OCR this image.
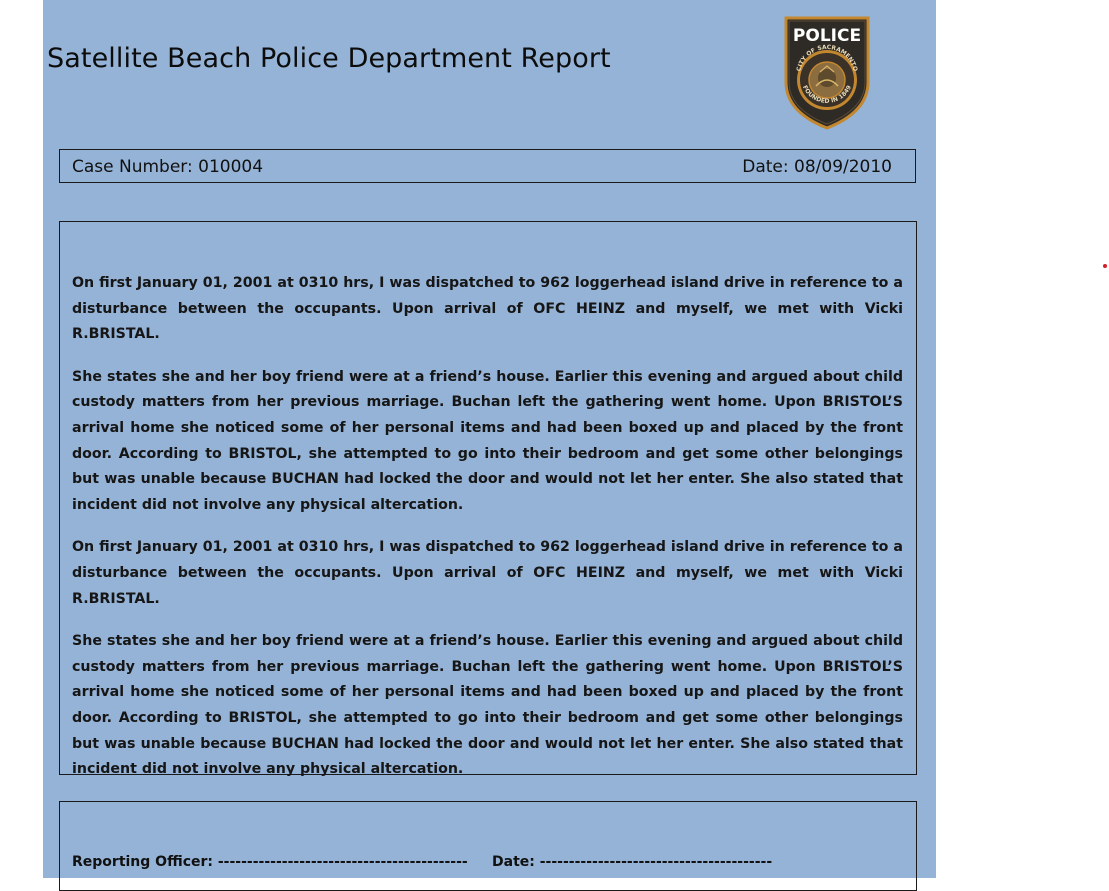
Satellite Beach Police Department Report
POLICE
CITY OF SACRAMENTO
FOUNDED IN 1849
Case Number: 010004	Date: 08/09/2010

On first January 01, 2001 at 0310 hrs, I was dispatched to 962 loggerhead island drive in reference to a disturbance between the occupants. Upon arrival of OFC HEINZ and myself, we met with Vicki R.BRISTAL.

She states she and her boy friend were at a friend’s house. Earlier this evening and argued about child custody matters from her previous marriage. Buchan left the gathering went home. Upon BRISTOL’S arrival home she noticed some of her personal items and had been boxed up and placed by the front door. According to BRISTOL, she attempted to go into their bedroom and get some other belongings but was unable because BUCHAN had locked the door and would not let her enter. She also stated that incident did not involve any physical altercation.

On first January 01, 2001 at 0310 hrs, I was dispatched to 962 loggerhead island drive in reference to a disturbance between the occupants. Upon arrival of OFC HEINZ and myself, we met with Vicki R.BRISTAL.

She states she and her boy friend were at a friend’s house. Earlier this evening and argued about child custody matters from her previous marriage. Buchan left the gathering went home. Upon BRISTOL’S arrival home she noticed some of her personal items and had been boxed up and placed by the front door. According to BRISTOL, she attempted to go into their bedroom and get some other belongings but was unable because BUCHAN had locked the door and would not let her enter. She also stated that incident did not involve any physical altercation.

Reporting Officer: ------------------------------------------- Date: ----------------------------------------
